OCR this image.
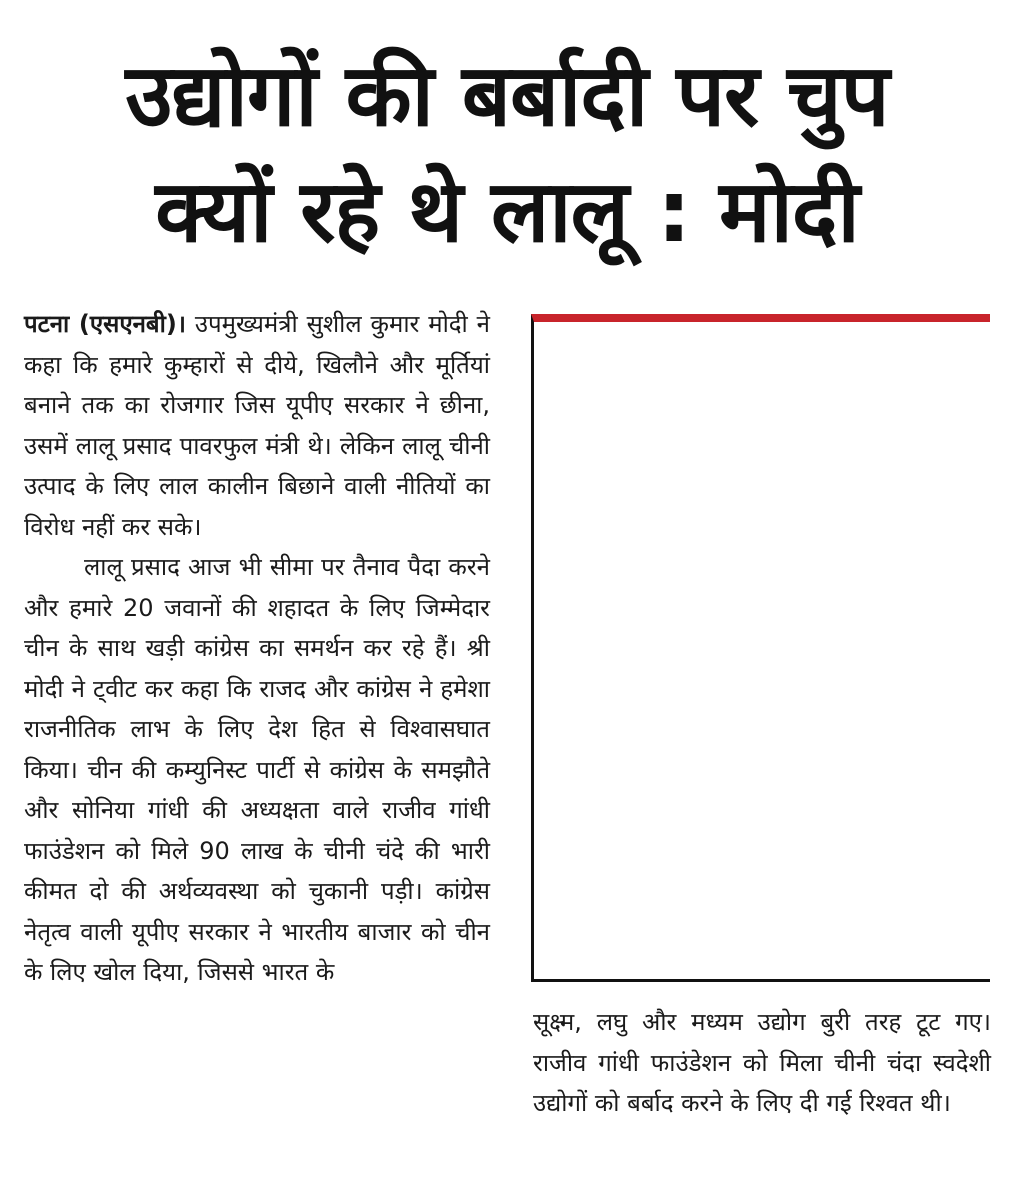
उद्योगों की बर्बादी पर चुप
क्यों रहे थे लालू : मोदी

पटना (एसएनबी)। उपमुख्यमंत्री सुशील कुमार मोदी ने कहा कि हमारे कुम्हारों से दीये, खिलौने और मूर्तियां बनाने तक का रोजगार जिस यूपीए सरकार ने छीना, उसमें लालू प्रसाद पावरफुल मंत्री थे। लेकिन लालू चीनी उत्पाद के लिए लाल कालीन बिछाने वाली नीतियों का विरोध नहीं कर सके।

लालू प्रसाद आज भी सीमा पर तैनाव पैदा करने और हमारे 20 जवानों की शहादत के लिए जिम्मेदार चीन के साथ खड़ी कांग्रेस का समर्थन कर रहे हैं। श्री मोदी ने ट्वीट कर कहा कि राजद और कांग्रेस ने हमेशा राजनीतिक लाभ के लिए देश हित से विश्वासघात किया। चीन की कम्युनिस्ट पार्टी से कांग्रेस के समझौते और सोनिया गांधी की अध्यक्षता वाले राजीव गांधी फाउंडेशन को मिले 90 लाख के चीनी चंदे की भारी कीमत दो की अर्थव्यवस्था को चुकानी पड़ी। कांग्रेस नेतृत्व वाली यूपीए सरकार ने भारतीय बाजार को चीन के लिए खोल दिया, जिससे भारत के

सूक्ष्म, लघु और मध्यम उद्योग बुरी तरह टूट गए। राजीव गांधी फाउंडेशन को मिला चीनी चंदा स्वदेशी उद्योगों को बर्बाद करने के लिए दी गई रिश्वत थी।
